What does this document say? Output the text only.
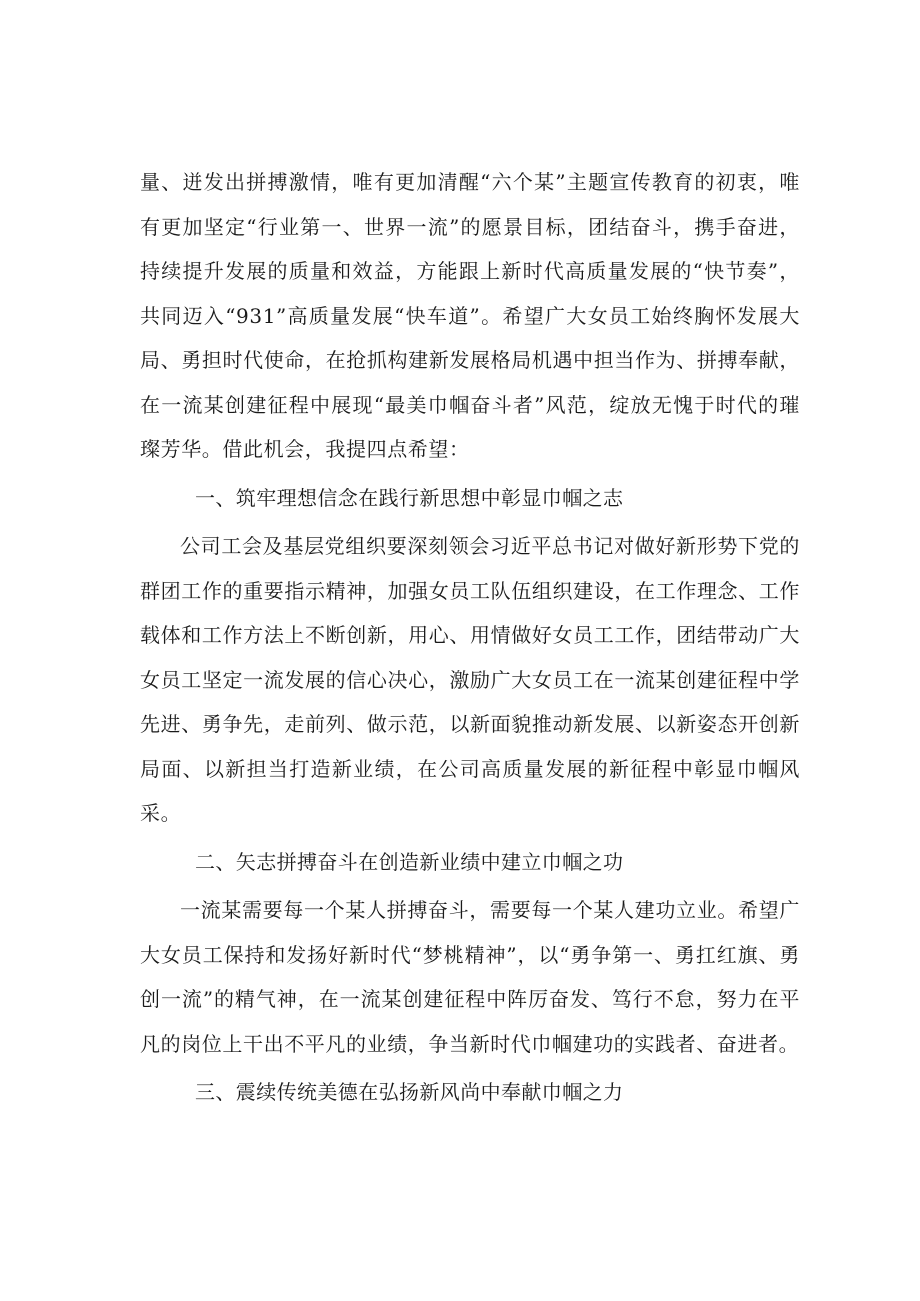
量、迸发出拼搏激情，唯有更加清醒“六个某”主题宣传教育的初衷，唯有更加坚定“行业第一、世界一流”的愿景目标，团结奋斗，携手奋进，持续提升发展的质量和效益，方能跟上新时代高质量发展的“快节奏”，共同迈入“931”高质量发展“快车道”。希望广大女员工始终胸怀发展大局、勇担时代使命，在抢抓构建新发展格局机遇中担当作为、拼搏奉献，在一流某创建征程中展现“最美巾帼奋斗者”风范，绽放无愧于时代的璀璨芳华。借此机会，我提四点希望：

一、筑牢理想信念在践行新思想中彰显巾帼之志

公司工会及基层党组织要深刻领会习近平总书记对做好新形势下党的群团工作的重要指示精神，加强女员工队伍组织建设，在工作理念、工作载体和工作方法上不断创新，用心、用情做好女员工工作，团结带动广大女员工坚定一流发展的信心决心，激励广大女员工在一流某创建征程中学先进、勇争先，走前列、做示范，以新面貌推动新发展、以新姿态开创新局面、以新担当打造新业绩，在公司高质量发展的新征程中彰显巾帼风采。

二、矢志拼搏奋斗在创造新业绩中建立巾帼之功

一流某需要每一个某人拼搏奋斗，需要每一个某人建功立业。希望广大女员工保持和发扬好新时代“梦桃精神”，以“勇争第一、勇扛红旗、勇创一流”的精气神，在一流某创建征程中阵厉奋发、笃行不怠，努力在平凡的岗位上干出不平凡的业绩，争当新时代巾帼建功的实践者、奋进者。

三、震续传统美德在弘扬新风尚中奉献巾帼之力
